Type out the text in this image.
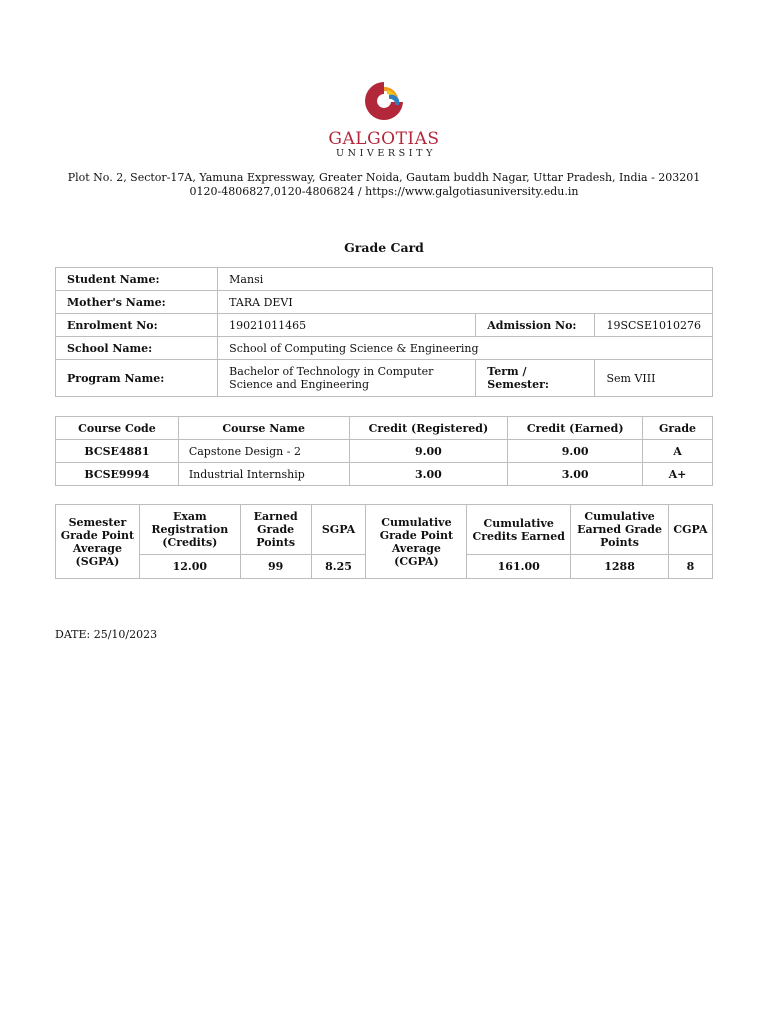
GALGOTIAS
UNIVERSITY
Plot No. 2, Sector-17A, Yamuna Expressway, Greater Noida, Gautam buddh Nagar, Uttar Pradesh, India - 203201
0120-4806827,0120-4806824 / https://www.galgotiasuniversity.edu.in
Grade Card
Student Name:	Mansi		
Mother's Name:	TARA DEVI		
Enrolment No:	19021011465	Admission No:	19SCSE1010276
School Name:	School of Computing Science & Engineering		
Program Name:	Bachelor of Technology in Computer Science and Engineering	Term / Semester:	Sem VIII
Course Code	Course Name	Credit (Registered)	Credit (Earned)	Grade
BCSE4881	Capstone Design - 2	9.00	9.00	A
BCSE9994	Industrial Internship	3.00	3.00	A+
Semester Grade Point Average (SGPA)	Exam Registration (Credits)	Earned Grade Points	SGPA	Cumulative Grade Point Average (CGPA)	Cumulative Credits Earned	Cumulative Earned Grade Points	CGPA
	12.00	99	8.25		161.00	1288	8
DATE: 25/10/2023
